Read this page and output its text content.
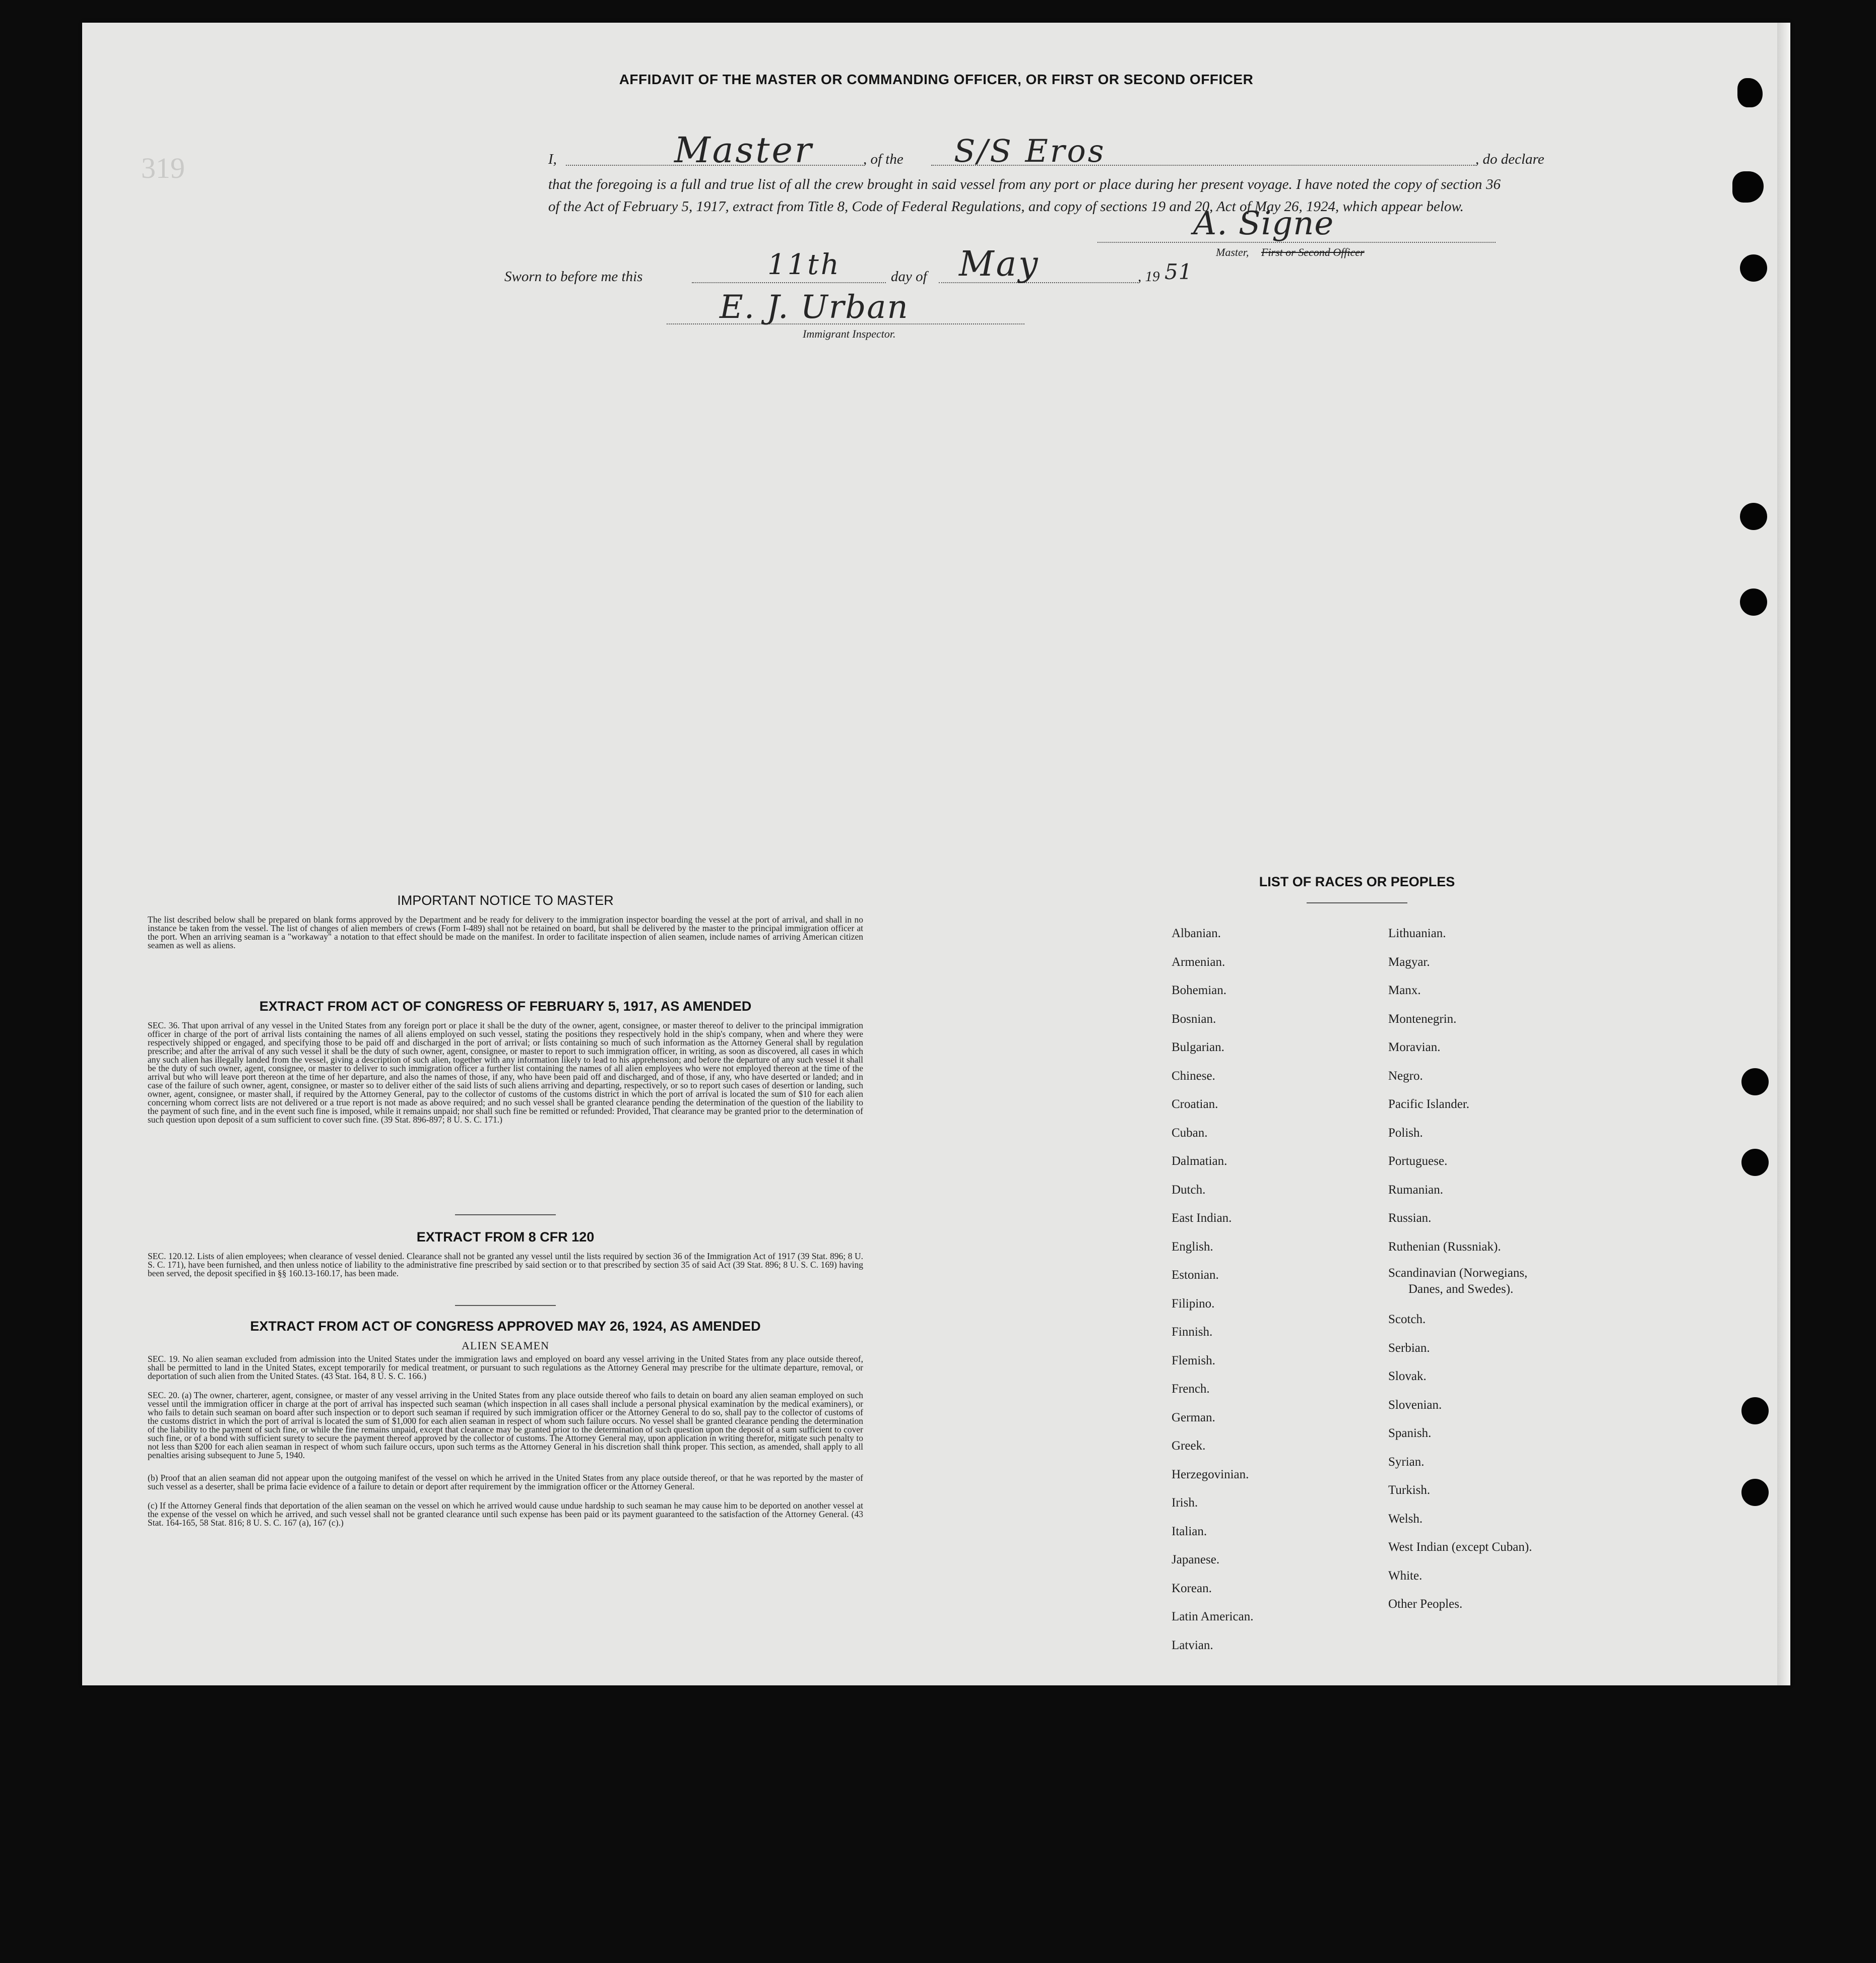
319
AFFIDAVIT OF THE MASTER OR COMMANDING OFFICER, OR FIRST OR SECOND OFFICER
I,	Master	, of the S/S Eros	, do declare
that the foregoing is a full and true list of all the crew brought in said vessel from any port or place during her present voyage. I have noted the copy of section 36 of the Act of February 5, 1917, extract from Title 8, Code of Federal Regulations, and copy of sections 19 and 20, Act of May 26, 1924, which appear below.
A. Signe
Master, First or Second Officer
Sworn to before me this	11th	day of May	, 19 51
E. J. Urban
Immigrant Inspector.
IMPORTANT NOTICE TO MASTER
The list described below shall be prepared on blank forms approved by the Department and be ready for delivery to the immigration inspector boarding the vessel at the port of arrival, and shall in no instance be taken from the vessel. The list of changes of alien members of crews (Form I-489) shall not be retained on board, but shall be delivered by the master to the principal immigration officer at the port. When an arriving seaman is a "workaway" a notation to that effect should be made on the manifest. In order to facilitate inspection of alien seamen, include names of arriving American citizen seamen as well as aliens.
EXTRACT FROM ACT OF CONGRESS OF FEBRUARY 5, 1917, AS AMENDED
SEC. 36. That upon arrival of any vessel in the United States from any foreign port or place it shall be the duty of the owner, agent, consignee, or master thereof to deliver to the principal immigration officer in charge of the port of arrival lists containing the names of all aliens employed on such vessel, stating the positions they respectively hold in the ship's company, when and where they were respectively shipped or engaged, and specifying those to be paid off and discharged in the port of arrival; or lists containing so much of such information as the Attorney General shall by regulation prescribe; and after the arrival of any such vessel it shall be the duty of such owner, agent, consignee, or master to report to such immigration officer, in writing, as soon as discovered, all cases in which any such alien has illegally landed from the vessel, giving a description of such alien, together with any information likely to lead to his apprehension; and before the departure of any such vessel it shall be the duty of such owner, agent, consignee, or master to deliver to such immigration officer a further list containing the names of all alien employees who were not employed thereon at the time of the arrival but who will leave port thereon at the time of her departure, and also the names of those, if any, who have been paid off and discharged, and of those, if any, who have deserted or landed; and in case of the failure of such owner, agent, consignee, or master so to deliver either of the said lists of such aliens arriving and departing, respectively, or so to report such cases of desertion or landing, such owner, agent, consignee, or master shall, if required by the Attorney General, pay to the collector of customs of the customs district in which the port of arrival is located the sum of $10 for each alien concerning whom correct lists are not delivered or a true report is not made as above required; and no such vessel shall be granted clearance pending the determination of the question of the liability to the payment of such fine, and in the event such fine is imposed, while it remains unpaid; nor shall such fine be remitted or refunded: Provided, That clearance may be granted prior to the determination of such question upon deposit of a sum sufficient to cover such fine. (39 Stat. 896-897; 8 U. S. C. 171.)
EXTRACT FROM 8 CFR 120
SEC. 120.12. Lists of alien employees; when clearance of vessel denied. Clearance shall not be granted any vessel until the lists required by section 36 of the Immigration Act of 1917 (39 Stat. 896; 8 U. S. C. 171), have been furnished, and then unless notice of liability to the administrative fine prescribed by said section or to that prescribed by section 35 of said Act (39 Stat. 896; 8 U. S. C. 169) having been served, the deposit specified in §§ 160.13-160.17, has been made.
EXTRACT FROM ACT OF CONGRESS APPROVED MAY 26, 1924, AS AMENDED
ALIEN SEAMEN
SEC. 19. No alien seaman excluded from admission into the United States under the immigration laws and employed on board any vessel arriving in the United States from any place outside thereof, shall be permitted to land in the United States, except temporarily for medical treatment, or pursuant to such regulations as the Attorney General may prescribe for the ultimate departure, removal, or deportation of such alien from the United States. (43 Stat. 164, 8 U. S. C. 166.)
SEC. 20. (a) The owner, charterer, agent, consignee, or master of any vessel arriving in the United States from any place outside thereof who fails to detain on board any alien seaman employed on such vessel until the immigration officer in charge at the port of arrival has inspected such seaman (which inspection in all cases shall include a personal physical examination by the medical examiners), or who fails to detain such seaman on board after such inspection or to deport such seaman if required by such immigration officer or the Attorney General to do so, shall pay to the collector of customs of the customs district in which the port of arrival is located the sum of $1,000 for each alien seaman in respect of whom such failure occurs. No vessel shall be granted clearance pending the determination of the liability to the payment of such fine, or while the fine remains unpaid, except that clearance may be granted prior to the determination of such question upon the deposit of a sum sufficient to cover such fine, or of a bond with sufficient surety to secure the payment thereof approved by the collector of customs. The Attorney General may, upon application in writing therefor, mitigate such penalty to not less than $200 for each alien seaman in respect of whom such failure occurs, upon such terms as the Attorney General in his discretion shall think proper. This section, as amended, shall apply to all penalties arising subsequent to June 5, 1940.
(b) Proof that an alien seaman did not appear upon the outgoing manifest of the vessel on which he arrived in the United States from any place outside thereof, or that he was reported by the master of such vessel as a deserter, shall be prima facie evidence of a failure to detain or deport after requirement by the immigration officer or the Attorney General.
(c) If the Attorney General finds that deportation of the alien seaman on the vessel on which he arrived would cause undue hardship to such seaman he may cause him to be deported on another vessel at the expense of the vessel on which he arrived, and such vessel shall not be granted clearance until such expense has been paid or its payment guaranteed to the satisfaction of the Attorney General. (43 Stat. 164-165, 58 Stat. 816; 8 U. S. C. 167 (a), 167 (c).)
LIST OF RACES OR PEOPLES
Albanian.
Armenian.
Bohemian.
Bosnian.
Bulgarian.
Chinese.
Croatian.
Cuban.
Dalmatian.
Dutch.
East Indian.
English.
Estonian.
Filipino.
Finnish.
Flemish.
French.
German.
Greek.
Herzegovinian.
Irish.
Italian.
Japanese.
Korean.
Latin American.
Latvian.
Lithuanian.
Magyar.
Manx.
Montenegrin.
Moravian.
Negro.
Pacific Islander.
Polish.
Portuguese.
Rumanian.
Russian.
Ruthenian (Russniak).
Scandinavian (Norwegians,
Danes, and Swedes).
Scotch.
Serbian.
Slovak.
Slovenian.
Spanish.
Syrian.
Turkish.
Welsh.
West Indian (except Cuban).
White.
Other Peoples.
